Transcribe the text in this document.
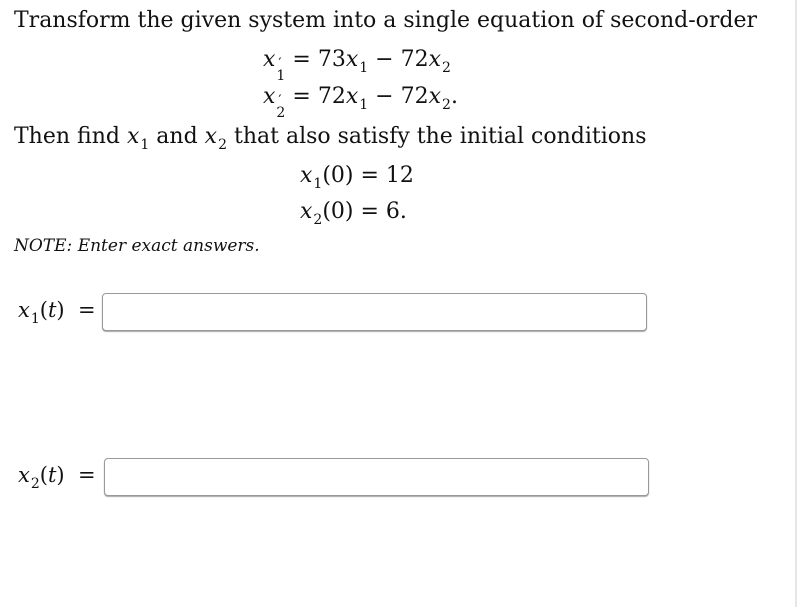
Transform the given system into a single equation of second-order
x ′
1
= $73x_1 - 72x_2$
x ′
2
= $72x_1 - 72x_2$.
Then find $x_1$ and $x_2$ that also satisfy the initial conditions
$x_1(0) = 12$
$x_2(0) = 6$.
NOTE: Enter exact answers.
$x_1(t)$  =
$x_2(t)$  =
